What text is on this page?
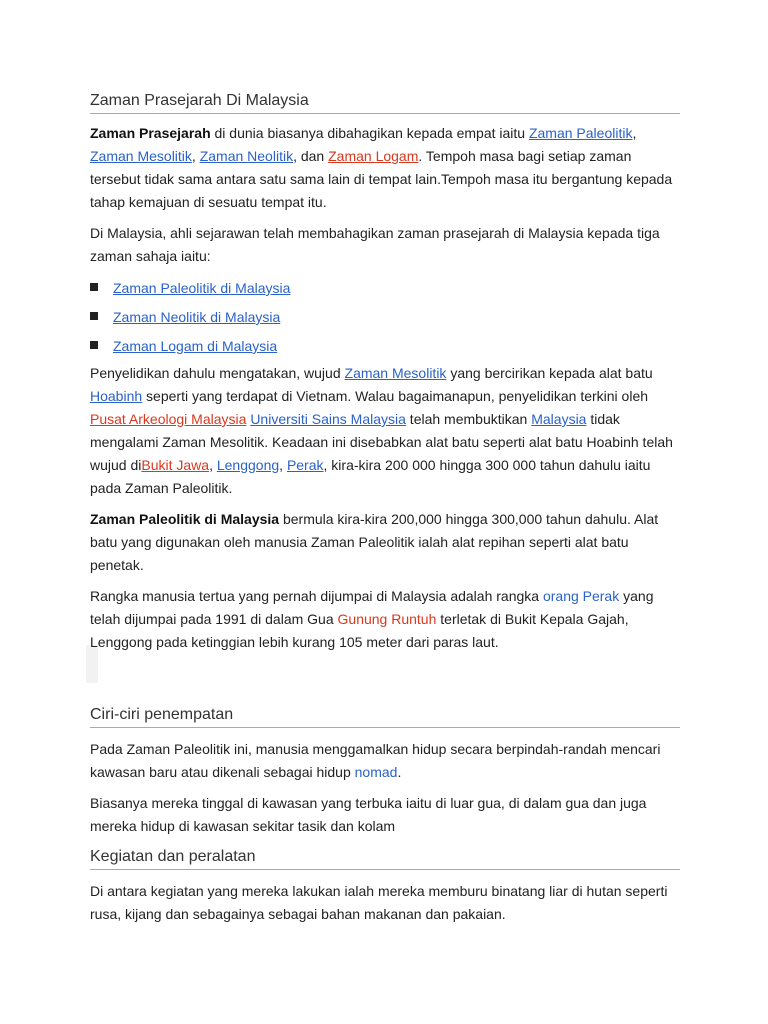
Zaman Prasejarah Di Malaysia

Zaman Prasejarah di dunia biasanya dibahagikan kepada empat iaitu Zaman Paleolitik, Zaman Mesolitik, Zaman Neolitik, dan Zaman Logam. Tempoh masa bagi setiap zaman tersebut tidak sama antara satu sama lain di tempat lain.Tempoh masa itu bergantung kepada tahap kemajuan di sesuatu tempat itu.

Di Malaysia, ahli sejarawan telah membahagikan zaman prasejarah di Malaysia kepada tiga zaman sahaja iaitu:

Zaman Paleolitik di Malaysia
Zaman Neolitik di Malaysia
Zaman Logam di Malaysia

Penyelidikan dahulu mengatakan, wujud Zaman Mesolitik yang bercirikan kepada alat batu Hoabinh seperti yang terdapat di Vietnam. Walau bagaimanapun, penyelidikan terkini oleh Pusat Arkeologi Malaysia Universiti Sains Malaysia telah membuktikan Malaysia tidak mengalami Zaman Mesolitik. Keadaan ini disebabkan alat batu seperti alat batu Hoabinh telah wujud diBukit Jawa, Lenggong, Perak, kira-kira 200 000 hingga 300 000 tahun dahulu iaitu pada Zaman Paleolitik.

Zaman Paleolitik di Malaysia bermula kira-kira 200,000 hingga 300,000 tahun dahulu. Alat batu yang digunakan oleh manusia Zaman Paleolitik ialah alat repihan seperti alat batu penetak.

Rangka manusia tertua yang pernah dijumpai di Malaysia adalah rangka orang Perak yang telah dijumpai pada 1991 di dalam Gua Gunung Runtuh terletak di Bukit Kepala Gajah, Lenggong pada ketinggian lebih kurang 105 meter dari paras laut.

Ciri-ciri penempatan

Pada Zaman Paleolitik ini, manusia menggamalkan hidup secara berpindah-randah mencari kawasan baru atau dikenali sebagai hidup nomad.

Biasanya mereka tinggal di kawasan yang terbuka iaitu di luar gua, di dalam gua dan juga mereka hidup di kawasan sekitar tasik dan kolam

Kegiatan dan peralatan

Di antara kegiatan yang mereka lakukan ialah mereka memburu binatang liar di hutan seperti rusa, kijang dan sebagainya sebagai bahan makanan dan pakaian.
